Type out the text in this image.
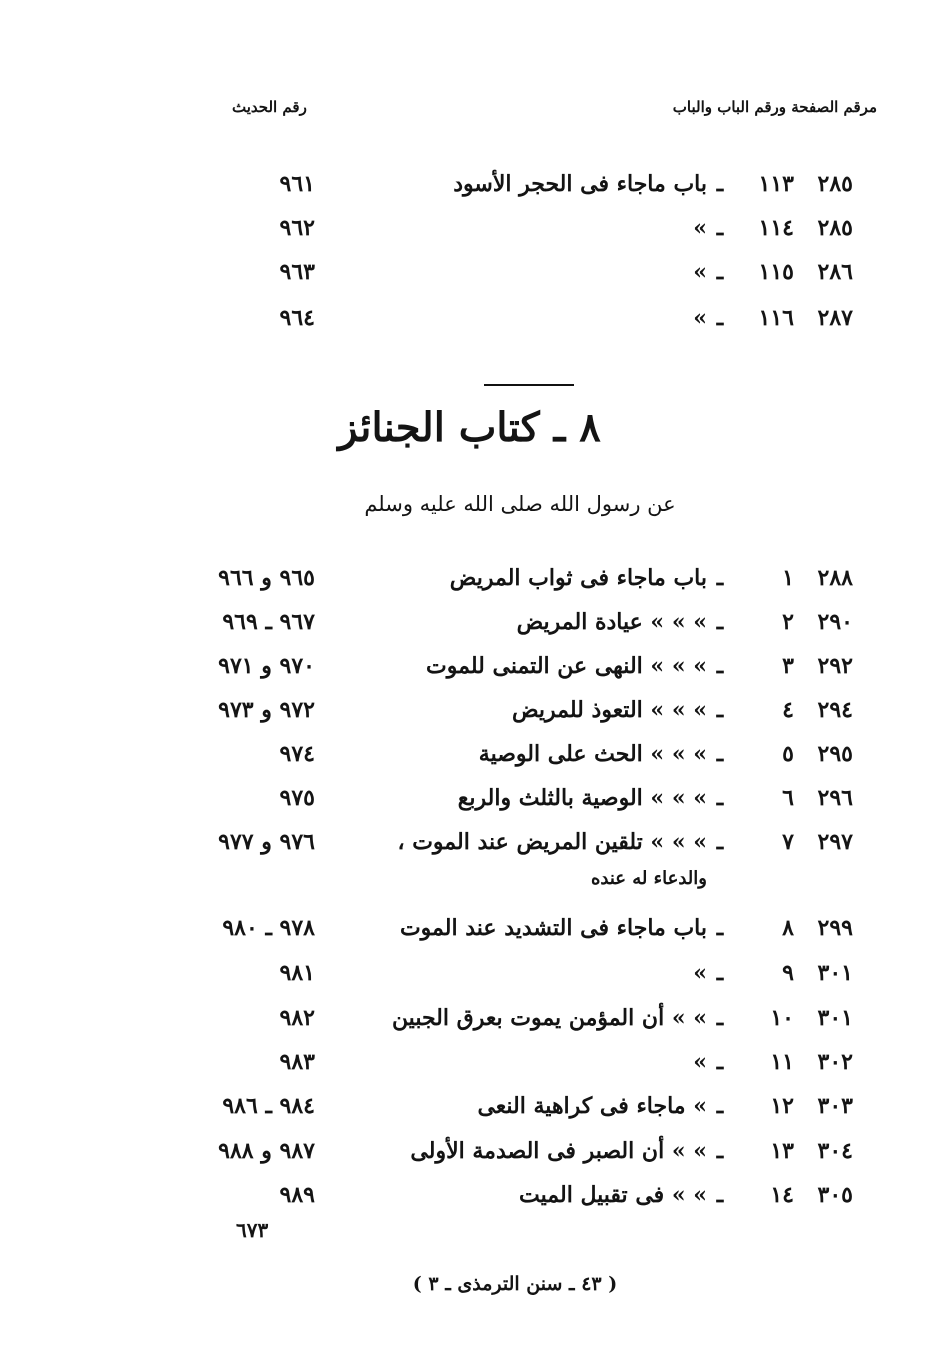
مرقم الصفحة ورقم الباب والباب
رقم الحديث
٢٨٥
١١٣
ـ
باب ماجاء فى الحجر الأسود
٩٦١
٢٨٥
١١٤
ـ
»
٩٦٢
٢٨٦
١١٥
ـ
»
٩٦٣
٢٨٧
١١٦
ـ
»
٩٦٤
٨ ـ كتاب الجنائز
عن رسول الله صلى الله عليه وسلم
٢٨٨
١
ـ
باب ماجاء فى ثواب المريض
٩٦٥ و ٩٦٦
٢٩٠
٢
ـ
» » » عيادة المريض
٩٦٧ ـ ٩٦٩
٢٩٢
٣
ـ
» » » النهى عن التمنى للموت
٩٧٠ و ٩٧١
٢٩٤
٤
ـ
» » » التعوذ للمريض
٩٧٢ و ٩٧٣
٢٩٥
٥
ـ
» » » الحث على الوصية
٩٧٤
٢٩٦
٦
ـ
» » » الوصية بالثلث والربع
٩٧٥
٢٩٧
٧
ـ
» » » تلقين المريض عند الموت ،
٩٧٦ و ٩٧٧
والدعاء له عنده
٢٩٩
٨
ـ
باب ماجاء فى التشديد عند الموت
٩٧٨ ـ ٩٨٠
٣٠١
٩
ـ
»
٩٨١
٣٠١
١٠
ـ
» » أن المؤمن يموت بعرق الجبين
٩٨٢
٣٠٢
١١
ـ
»
٩٨٣
٣٠٣
١٢
ـ
» ماجاء فى كراهية النعى
٩٨٤ ـ ٩٨٦
٣٠٤
١٣
ـ
» » أن الصبر فى الصدمة الأولى
٩٨٧ و ٩٨٨
٣٠٥
١٤
ـ
» » فى تقبيل الميت
٩٨٩
٦٧٣
( ٤٣ ـ سنن الترمذى ـ ٣ )
